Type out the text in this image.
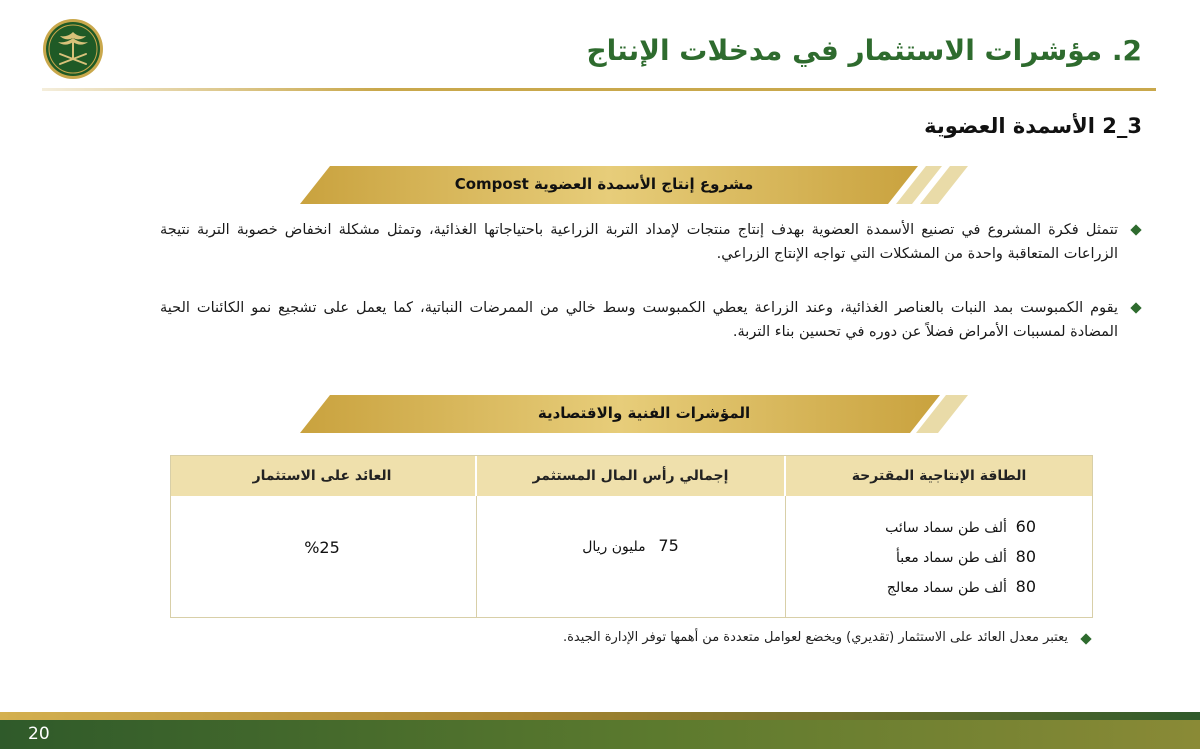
2. مؤشرات الاستثمار في مدخلات الإنتاج
3_2 الأسمدة العضوية
مشروع إنتاج الأسمدة العضوية Compost
تتمثل فكرة المشروع في تصنيع الأسمدة العضوية بهدف إنتاج منتجات لإمداد التربة الزراعية باحتياجاتها الغذائية، وتمثل مشكلة انخفاض خصوبة التربة نتيجة الزراعات المتعاقبة واحدة من المشكلات التي تواجه الإنتاج الزراعي.
يقوم الكمبوست بمد النبات بالعناصر الغذائية، وعند الزراعة يعطي الكمبوست وسط خالي من الممرضات النباتية، كما يعمل على تشجيع نمو الكائنات الحية المضادة لمسببات الأمراض فضلاً عن دوره في تحسين بناء التربة.
المؤشرات الفنية والاقتصادية
الطاقة الإنتاجية المقترحة
إجمالي رأس المال المستثمر
العائد على الاستثمار
60 ألف طن سماد سائب
80 ألف طن سماد معبأ
80 ألف طن سماد معالج
75 مليون ريال
%25
يعتبر معدل العائد على الاستثمار (تقديري) ويخضع لعوامل متعددة من أهمها توفر الإدارة الجيدة.
20
